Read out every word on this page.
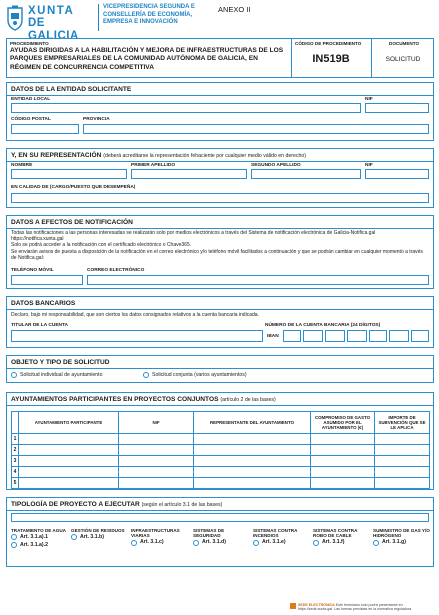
XUNTA
DE GALICIA
VICEPRESIDENCIA SEGUNDA E CONSELLERÍA DE ECONOMÍA, EMPRESA E INNOVACIÓN
ANEXO II
PROCEDIMIENTO
AYUDAS DIRIGIDAS A LA HABILITACIÓN Y MEJORA DE INFRAESTRUCTURAS DE LOS PARQUES EMPRESARIALES DE LA COMUNIDAD AUTÓNOMA DE GALICIA, EN RÉGIMEN DE CONCURRENCIA COMPETITIVA
CÓDIGO DE PROCEDIMIENTO
IN519B
DOCUMENTO
SOLICITUD
DATOS DE LA ENTIDAD SOLICITANTE
ENTIDAD LOCAL	NIF
CÓDIGO POSTAL	PROVINCIA
Y, EN SU REPRESENTACIÓN (deberá acreditarse la representación fehaciente por cualquier medio válido en derecho)
NOMBRE	PRIMER APELLIDO	SEGUNDO APELLIDO	NIF
EN CALIDAD DE (CARGO/PUESTO QUE DESEMPEÑA)
DATOS A EFECTOS DE NOTIFICACIÓN
Todas las notificaciones a las personas interesadas se realizarán solo por medios electrónicos a través del Sistema de notificación electrónica de Galicia-Notifica.gal https://notifica.xunta.gal
Solo se podrá acceder a la notificación con el certificado electrónico o Chave365.
Se enviarán avisos de puesta a disposición de la notificación en el correo electrónico y/o teléfono móvil facilitados a continuación y que se podrán cambiar en cualquier momento a través de Notifica.gal:
TELÉFONO MÓVIL	CORREO ELECTRÓNICO
DATOS BANCARIOS
Declaro, bajo mi responsabilidad, que son ciertos los datos consignados relativos a la cuenta bancaria indicada.
TITULAR DE LA CUENTA	NÚMERO DE LA CUENTA BANCARIA (24 DÍGITOS)
IBAN
OBJETO Y TIPO DE SOLICITUD
Solicitud individual de ayuntamiento	Solicitud conjunta (varios ayuntamientos)
AYUNTAMIENTOS PARTICIPANTES EN PROYECTOS CONJUNTOS (artículo 2 de las bases)
	AYUNTAMIENTO PARTICIPANTE	NIF	REPRESENTANTE DEL AYUNTAMIENTO	COMPROMISO DE GASTO ASUMIDO POR EL AYUNTAMIENTO (€)	IMPORTE DE SUBVENCIÓN QUE SE LE APLICA
1					
2					
3					
4					
5					
TIPOLOGÍA DE PROYECTO A EJECUTAR (según el artículo 3.1 de las bases)
TRATAMIENTO DE AGUA
Art. 3.1.a).1
Art. 3.1.a).2
GESTIÓN DE RESIDUOS
Art. 3.1.b)
INFRAESTRUCTURAS VIARIAS
Art. 3.1.c)
SISTEMAS DE SEGURIDAD
Art. 3.1.d)
SISTEMAS CONTRA INCENDIOS
Art. 3.1.e)
SISTEMAS CONTRA ROBO DE CABLE
Art. 3.1.f)
SUMINISTRO DE GAS Y/O HIDRÓGENO
Art. 3.1.g)
SEDE ELECTRÓNICA Este formulario solo podrá presentarse en https://sede.xunta.gal. Las formas previstas en la normativa reguladora
